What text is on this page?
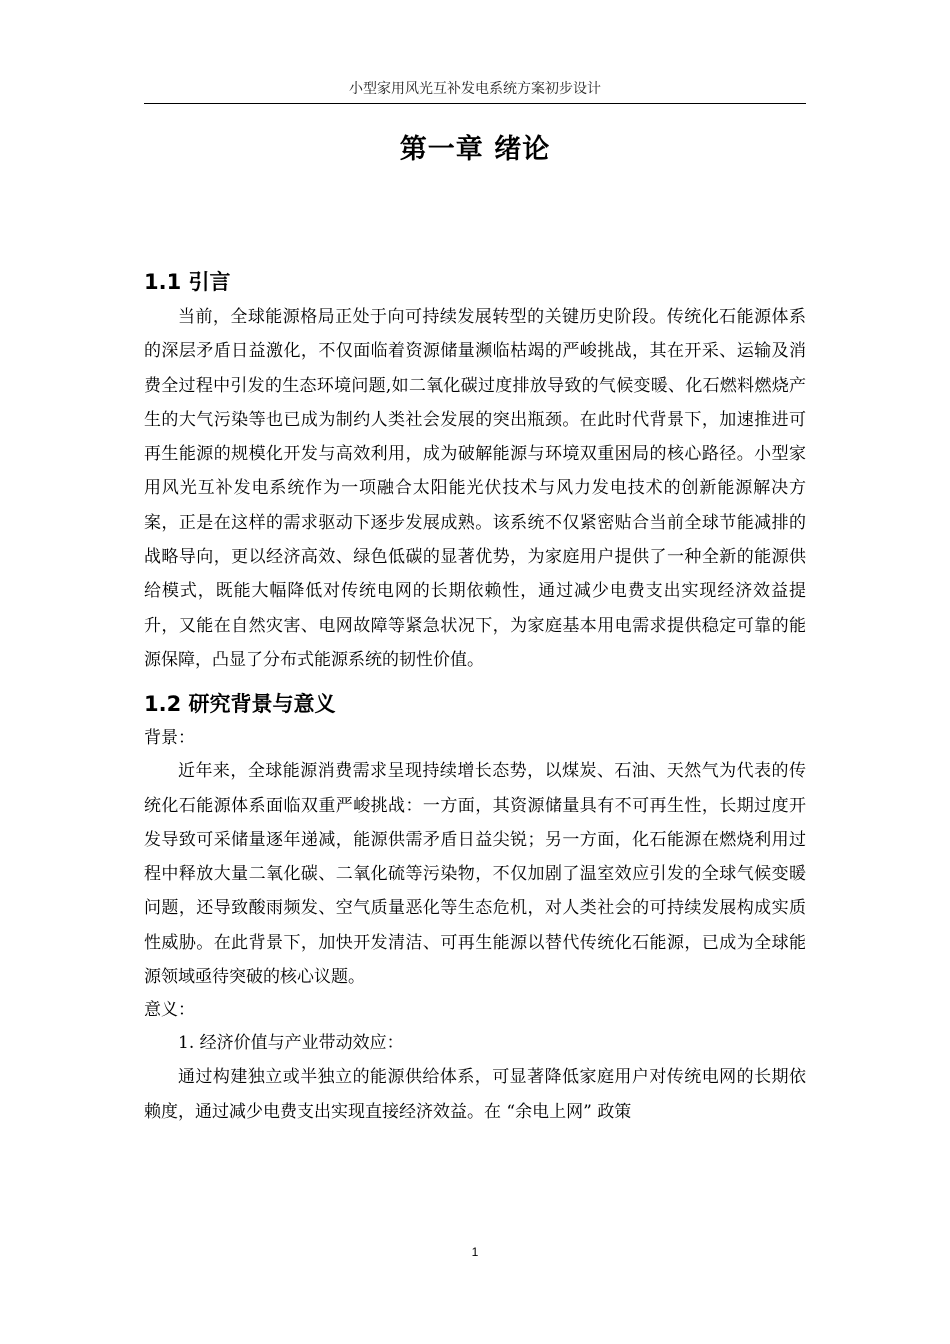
小型家用风光互补发电系统方案初步设计
第一章 绪论
1.1 引言

当前，全球能源格局正处于向可持续发展转型的关键历史阶段。传统化石能源体系的深层矛盾日益激化，不仅面临着资源储量濒临枯竭的严峻挑战，其在开采、运输及消费全过程中引发的生态环境问题,如二氧化碳过度排放导致的气候变暖、化石燃料燃烧产生的大气污染等也已成为制约人类社会发展的突出瓶颈。在此时代背景下，加速推进可再生能源的规模化开发与高效利用，成为破解能源与环境双重困局的核心路径。小型家用风光互补发电系统作为一项融合太阳能光伏技术与风力发电技术的创新能源解决方案，正是在这样的需求驱动下逐步发展成熟。该系统不仅紧密贴合当前全球节能减排的战略导向，更以经济高效、绿色低碳的显著优势，为家庭用户提供了一种全新的能源供给模式，既能大幅降低对传统电网的长期依赖性，通过减少电费支出实现经济效益提升，又能在自然灾害、电网故障等紧急状况下，为家庭基本用电需求提供稳定可靠的能源保障，凸显了分布式能源系统的韧性价值。

1.2 研究背景与意义

背景：

近年来，全球能源消费需求呈现持续增长态势，以煤炭、石油、天然气为代表的传统化石能源体系面临双重严峻挑战：一方面，其资源储量具有不可再生性，长期过度开发导致可采储量逐年递减，能源供需矛盾日益尖锐；另一方面，化石能源在燃烧利用过程中释放大量二氧化碳、二氧化硫等污染物，不仅加剧了温室效应引发的全球气候变暖问题，还导致酸雨频发、空气质量恶化等生态危机，对人类社会的可持续发展构成实质性威胁。在此背景下，加快开发清洁、可再生能源以替代传统化石能源，已成为全球能源领域亟待突破的核心议题。

意义：

1. 经济价值与产业带动效应：

通过构建独立或半独立的能源供给体系，可显著降低家庭用户对传统电网的长期依赖度，通过减少电费支出实现直接经济效益。在 “余电上网” 政策

1
